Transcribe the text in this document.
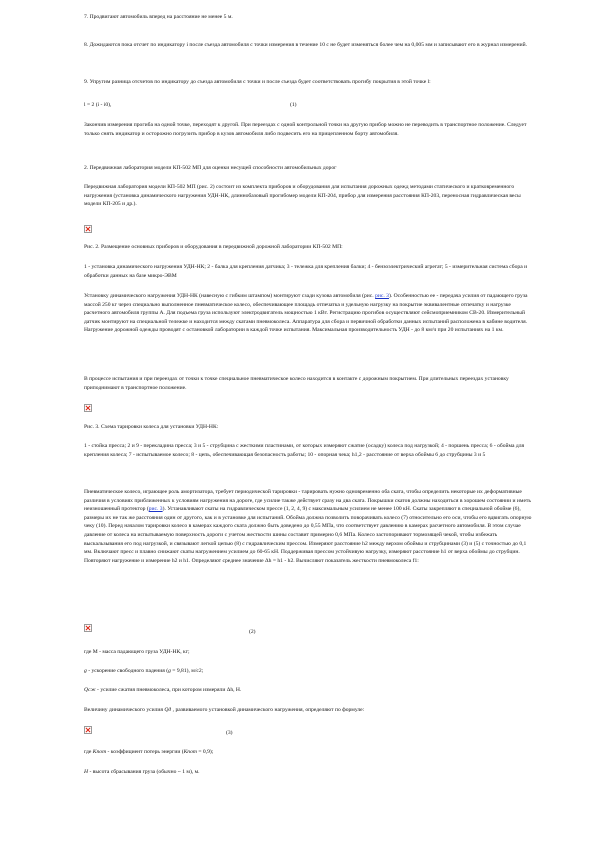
7. Продвигают автомобиль вперед на расстояние не менее 5 м.

8. Дожидаются пока отсчет по индикатору i после съезда автомобиля с точки измерения в течение 10 с не будет изменяться более чем на 0,005 мм и записывают его в журнал измерений.

9. Упругим разница отсчетов по индикатору до съезда автомобиля с точки и после съезда будет соответствовать прогибу покрытия в этой точке l:

l = 2 (i - i0),	(1)

Закончив измерения прогиба на одной точке, переходят к другой. При переездах с одной контрольной точки на другую прибор можно не переводить в транспортное положение. Следует только снять индикатор и осторожно погрузить прибор в кузов автомобиля либо подвесить его на прицепленном борту автомобиля.

2. Передвижная лаборатория модели КП-502 МП для оценки несущей способности автомобильных дорог

Передвижная лаборатория модели КП-502 МП (рис. 2) состоит из комплекта приборов и оборудования для испытания дорожных одежд методами статического и кратковременного нагружения (установка динамического нагружения УДН-НК, длиннобазовый прогибомер модели КП-204, прибор для измерения расстояния КП-203, переносная гидравлическая весы модели КП-205 и др.).

Рис. 2. Размещение основных приборов и оборудования в передвижной дорожной лаборатории КП-502 МП:

1 - установка динамического нагружения УДН-НК; 2 - балка для крепления датчика; 3 - тележка для крепления балки; 4 - бензоэлектрический агрегат; 5 - измерительная система сбора и обработки данных на базе микро-ЭВМ

Установку динамического нагружения УДН-НК (навесную с гибким штампом) монтируют сзади кузова автомобиля (рис. рис. 3). Особенностью ее - передача усилия от падающего груза массой 250 кг через специально выполненное пневматическое колесо, обеспечивающее площадь отпечатка и удельную нагрузку на покрытие эквивалентные отпечатку и нагрузке расчетного автомобиля группы А. Для подъема груза используют электродвигатель мощностью 1 кВт. Регистрацию прогибов осуществляют сейсмоприемником СВ-20. Измерительный датчик монтируют на специальной тележке и находится между скатами пневмоколеса. Аппаратура для сбора и первичной обработки данных испытаний расположена в кабине водителя. Нагружение дорожной одежды проводят с остановкой лаборатории в каждой точке испытания. Максимальная производительность УДН - до 8 км/ч при 20 испытаниях на 1 км.

В процессе испытания и при переездах от точки к точке специальное пневматическое колесо находится в контакте с дорожным покрытием. При длительных переездах установку приподнимают в транспортное положение.

Рис. 3. Схема тарировки колеса для установки УДН-НК:

1 - стойка пресса; 2 и 9 - перекладина пресса; 3 и 5 - струбцина с жесткими пластинами, от которых измеряют сжатие (осадку) колеса под нагрузкой; 4 - поршень пресса; 6 - обойма для крепления колеса; 7 - испытываемое колесо; 8 - цепь, обеспечивающая безопасность работы; 10 - опорная чека; h1,2 - расстояние от верха обоймы 6 до струбцины 3 и 5

Пневматическое колесо, играющее роль амортизатора, требует периодической тарировки - тарировать нужно одновременно оба ската, чтобы определить некоторые их деформативные различия в условиях приближенных к условиям нагружения на дороге, где усилие также действует сразу на два ската. Покрышки скатов должны находиться в хорошем состоянии и иметь неизношенный протектор (рис. 3). Устанавливают скаты на гидравлическом прессе (1, 2, 4, 9) с максимальным усилием не менее 100 кН. Скаты закрепляют в специальной обойме (6), размеры их не так же расстояния один от другого, как и в установке для испытаний. Обойма должна позволить поворачивать колесо (7) относительно его оси, чтобы его вдвигать опорную чеку (10). Перед началом тарировки колесо в камерах каждого ската должно быть доведено до 0,55 МПа, что соответствует давлению в камерах расчетного автомобиля. В этом случае давление от колеса на испытываемую поверхность дороги с учетом жесткости шины составит примерно 0,6 МПа. Колесо застопоривают тормозящей чекой, чтобы избежать выскальзывания его под нагрузкой, и связывают легкой цепью (8) с гидравлическим прессом. Измеряют расстояние h2 между верхом обоймы и струбцинами (3) и (5) с точностью до 0,1 мм. Включают пресс и плавно снижают скаты нагружением усилием до 60-65 кН. Поддерживая прессом устойчивую нагрузку, измеряют расстояние h1 от верха обоймы до струбцин. Повторяют нагружение и измерение h2 и h1. Определяют среднее значение Δh = h1 - h2. Вычисляют показатель жесткости пневмоколеса f1:

(2)

где M - масса падающего груза УДН-НК, кг;

g - ускорение свободного падения (g = 9,81), м/с2;

Qсж - усилие сжатия пневмоколеса, при котором измеряли Δh, Н.

Величину динамического усилия Qд , развиваемого установкой динамического нагружения, определяют по формуле:

(3)

где Kпот - коэффициент потерь энергии (Kпот = 0,9);

H - высота сбрасывания груза (обычно ~ 1 м), м.
